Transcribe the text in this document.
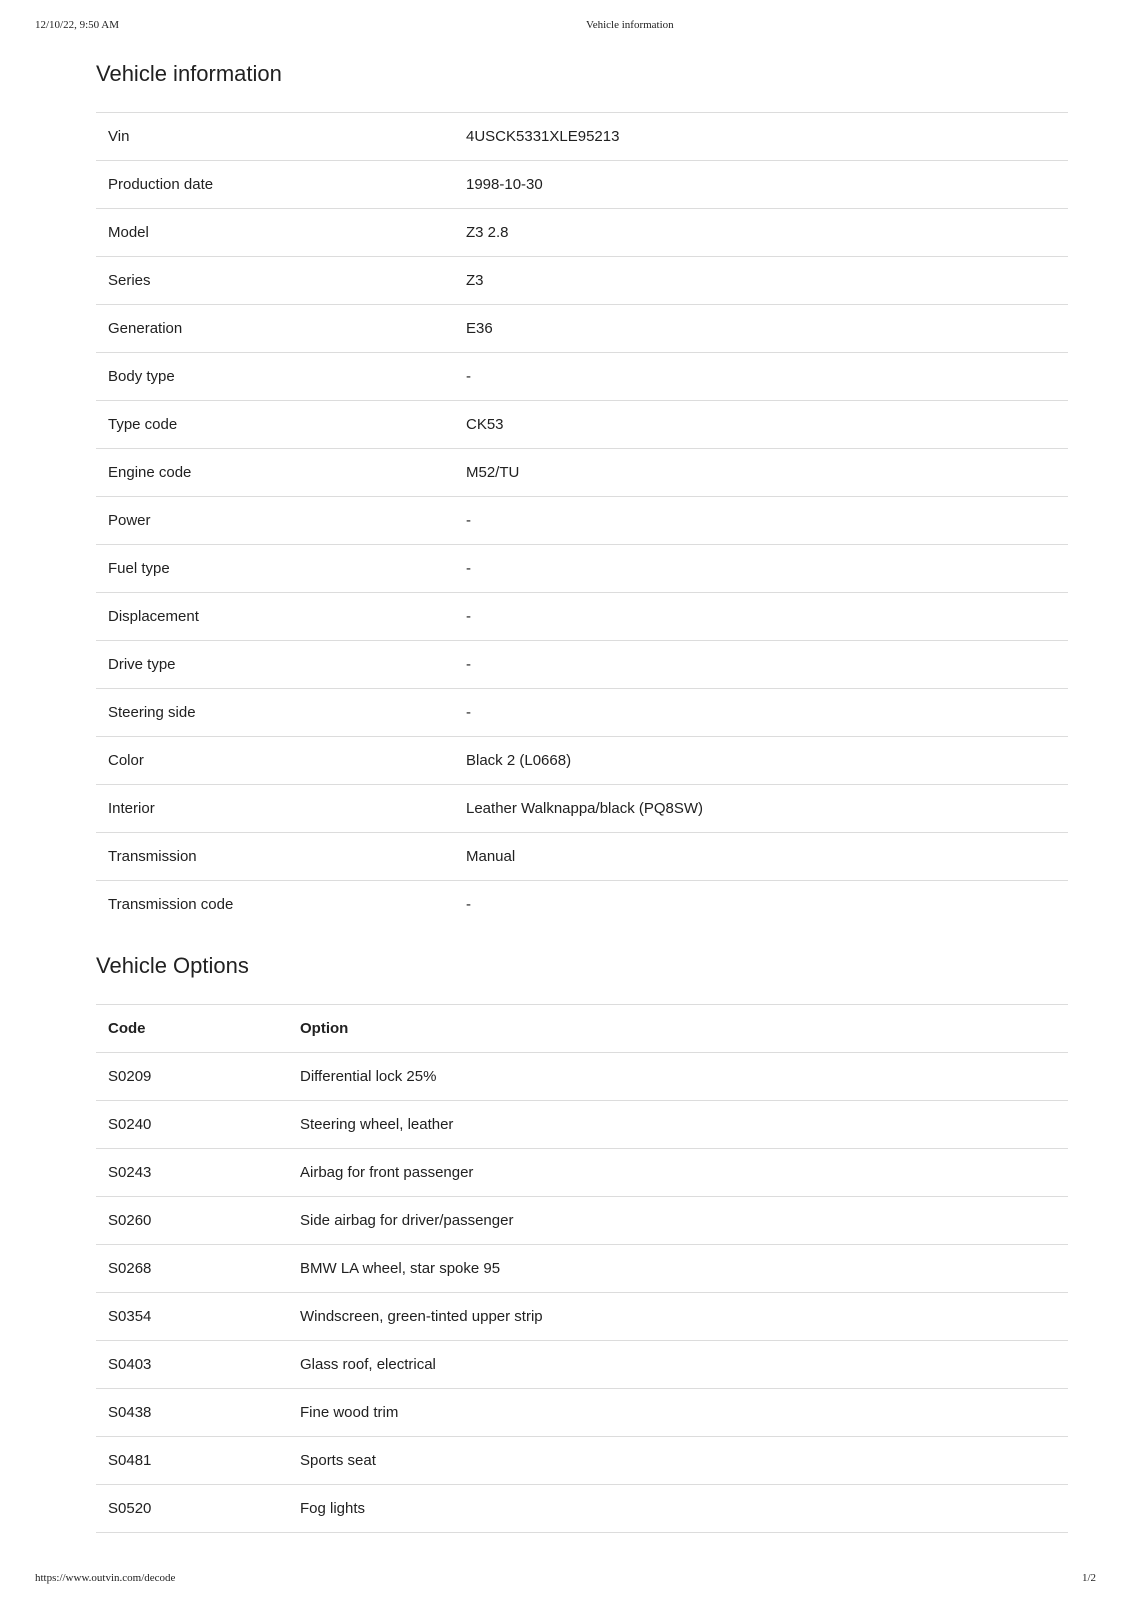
12/10/22, 9:50 AM	Vehicle information
Vehicle information
Vin	4USCK5331XLE95213
Production date	1998-10-30
Model	Z3 2.8
Series	Z3
Generation	E36
Body type	-
Type code	CK53
Engine code	M52/TU
Power	-
Fuel type	-
Displacement	-
Drive type	-
Steering side	-
Color	Black 2 (L0668)
Interior	Leather Walknappa/black (PQ8SW)
Transmission	Manual
Transmission code	-
Vehicle Options
Code	Option
S0209	Differential lock 25%
S0240	Steering wheel, leather
S0243	Airbag for front passenger
S0260	Side airbag for driver/passenger
S0268	BMW LA wheel, star spoke 95
S0354	Windscreen, green-tinted upper strip
S0403	Glass roof, electrical
S0438	Fine wood trim
S0481	Sports seat
S0520	Fog lights
https://www.outvin.com/decode	1/2
